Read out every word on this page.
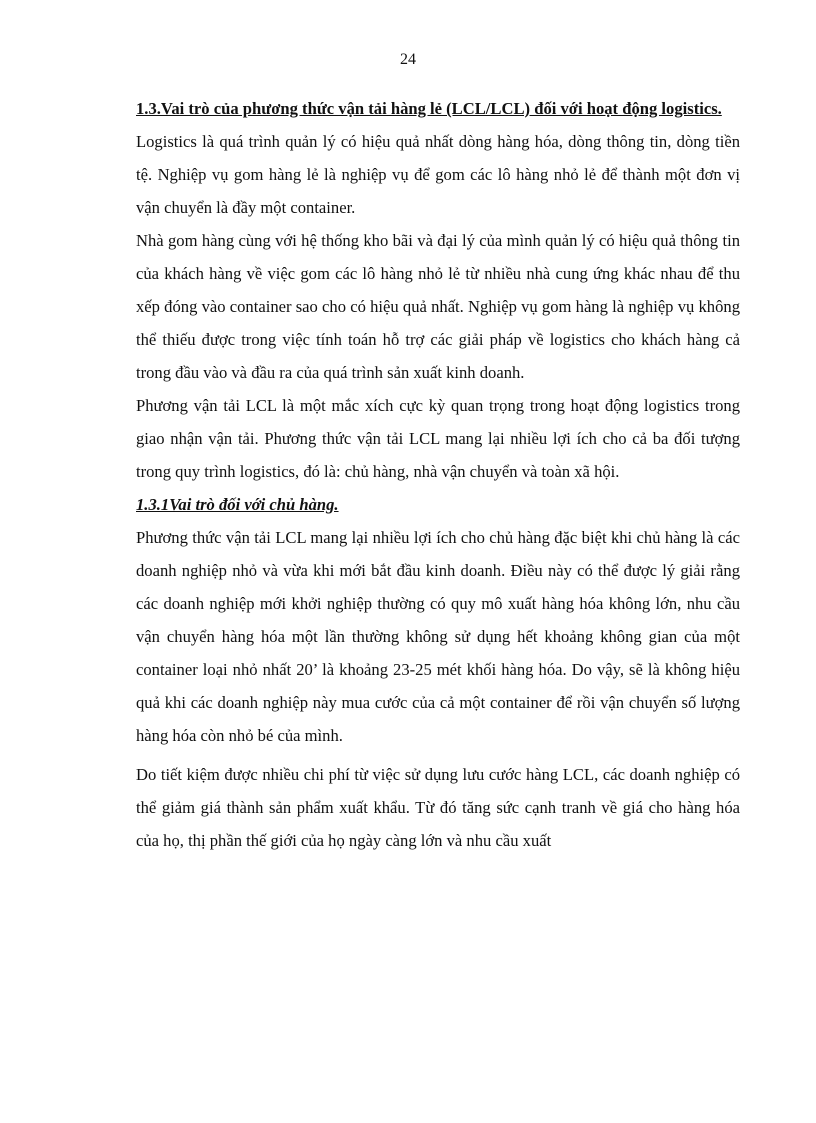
24

1.3.Vai trò của phương thức vận tải hàng lẻ (LCL/LCL) đối với hoạt động logistics.

Logistics là quá trình quản lý có hiệu quả nhất dòng hàng hóa, dòng thông tin, dòng tiền tệ. Nghiệp vụ gom hàng lẻ là nghiệp vụ để gom các lô hàng nhỏ lẻ để thành một đơn vị vận chuyển là đầy một container.

Nhà gom hàng cùng với hệ thống kho bãi và đại lý của mình quản lý có hiệu quả thông tin của khách hàng về việc gom các lô hàng nhỏ lẻ từ nhiều nhà cung ứng khác nhau để thu xếp đóng vào container sao cho có hiệu quả nhất. Nghiệp vụ gom hàng là nghiệp vụ không thể thiếu được trong việc tính toán hỗ trợ các giải pháp về logistics cho khách hàng cả trong đầu vào và đầu ra của quá trình sản xuất kinh doanh.

Phương vận tải LCL là một mắc xích cực kỳ quan trọng trong hoạt động logistics trong giao nhận vận tải. Phương thức vận tải LCL mang lại nhiều lợi ích cho cả ba đối tượng trong quy trình logistics, đó là: chủ hàng, nhà vận chuyển và toàn xã hội.

1.3.1Vai trò đối với chủ hàng.

Phương thức vận tải LCL mang lại nhiều lợi ích cho chủ hàng đặc biệt khi chủ hàng là các doanh nghiệp nhỏ và vừa khi mới bắt đầu kinh doanh. Điều này có thể được lý giải rằng các doanh nghiệp mới khởi nghiệp thường có quy mô xuất hàng hóa không lớn, nhu cầu vận chuyển hàng hóa một lần thường không sử dụng hết khoảng không gian của một container loại nhỏ nhất 20’ là khoảng 23-25 mét khối hàng hóa. Do vậy, sẽ là không hiệu quả khi các doanh nghiệp này mua cước của cả một container để rồi vận chuyển số lượng hàng hóa còn nhỏ bé của mình.

Do tiết kiệm được nhiều chi phí từ việc sử dụng lưu cước hàng LCL, các doanh nghiệp có thể giảm giá thành sản phẩm xuất khẩu. Từ đó tăng sức cạnh tranh về giá cho hàng hóa của họ, thị phần thế giới của họ ngày càng lớn và nhu cầu xuất
